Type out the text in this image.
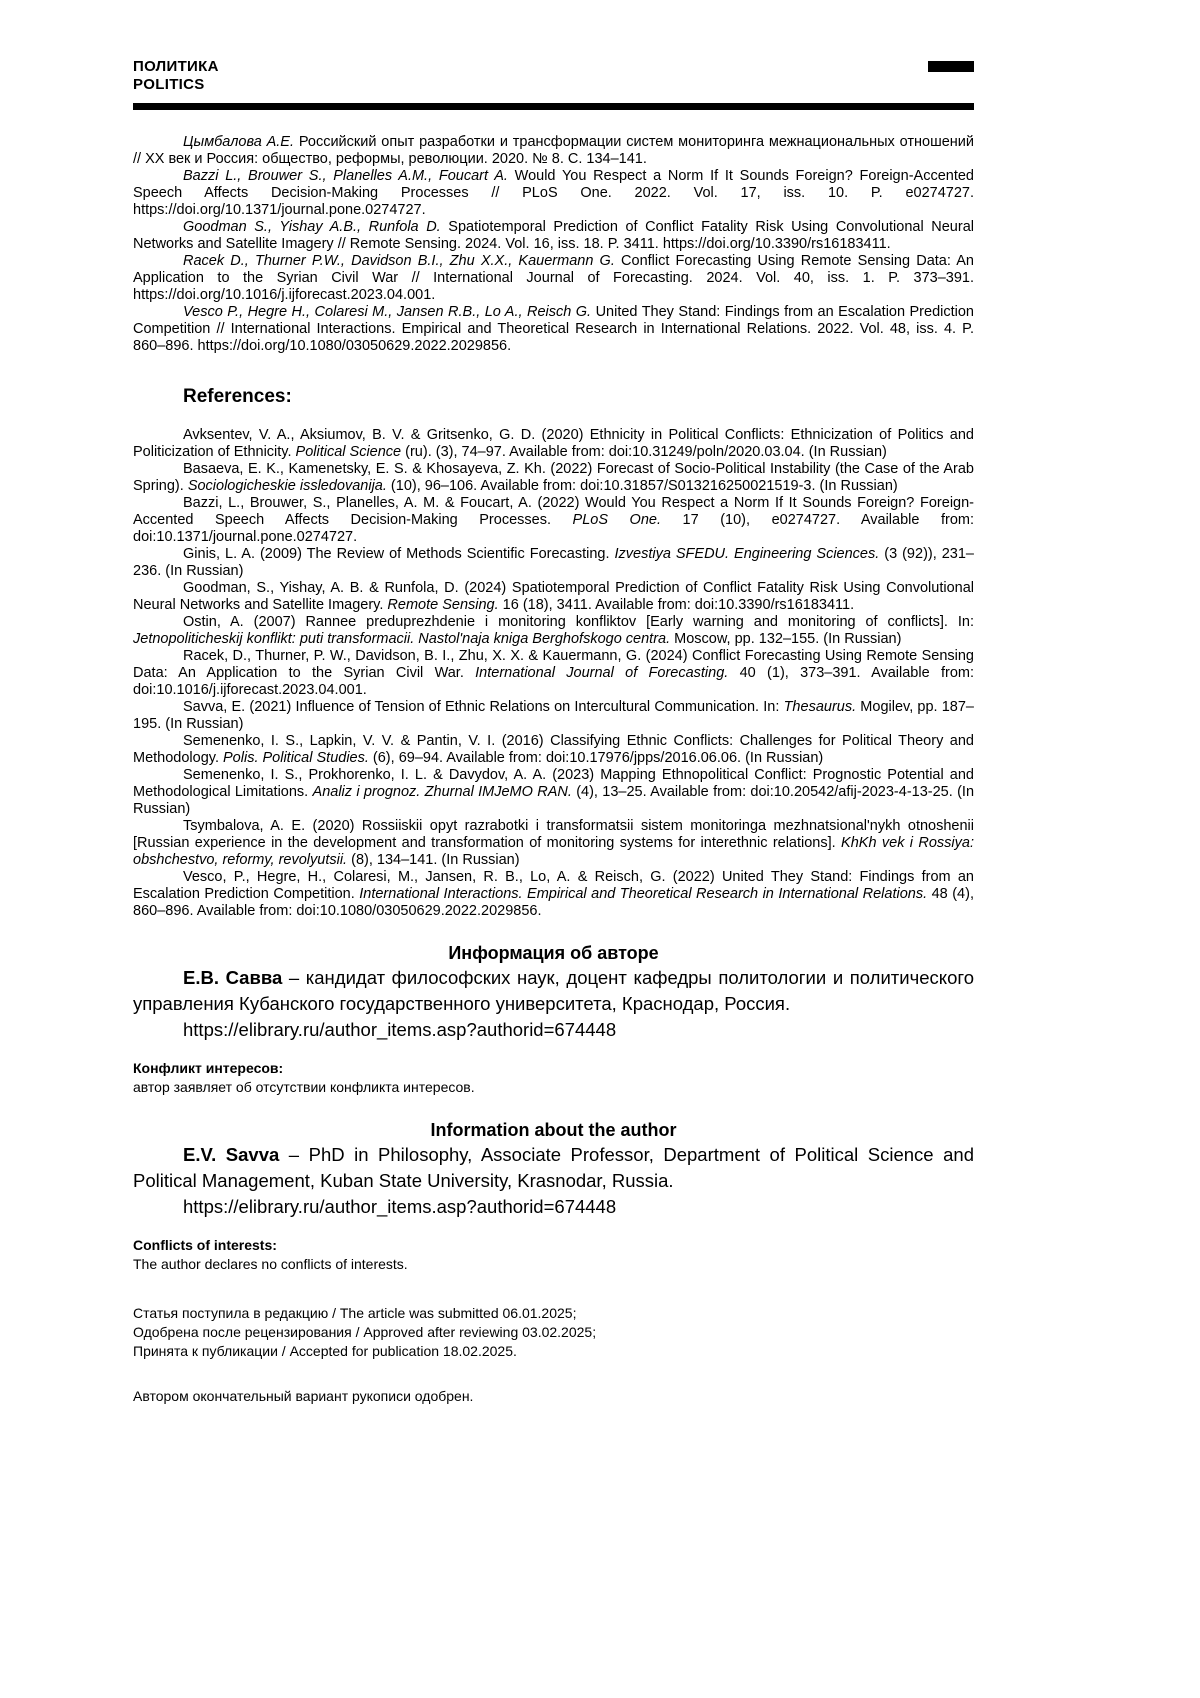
ПОЛИТИКА
POLITICS

Цымбалова А.Е. Российский опыт разработки и трансформации систем мониторинга межнациональных отношений // XX век и Россия: общество, реформы, революции. 2020. № 8. С. 134–141.

Bazzi L., Brouwer S., Planelles A.M., Foucart A. Would You Respect a Norm If It Sounds Foreign? Foreign-Accented Speech Affects Decision-Making Processes // PLoS One. 2022. Vol. 17, iss. 10. P. e0274727. https://doi.org/10.1371/journal.pone.0274727.

Goodman S., Yishay A.B., Runfola D. Spatiotemporal Prediction of Conflict Fatality Risk Using Convolutional Neural Networks and Satellite Imagery // Remote Sensing. 2024. Vol. 16, iss. 18. P. 3411. https://doi.org/10.3390/rs16183411.

Racek D., Thurner P.W., Davidson B.I., Zhu X.X., Kauermann G. Conflict Forecasting Using Remote Sensing Data: An Application to the Syrian Civil War // International Journal of Forecasting. 2024. Vol. 40, iss. 1. P. 373–391. https://doi.org/10.1016/j.ijforecast.2023.04.001.

Vesco P., Hegre H., Colaresi M., Jansen R.B., Lo A., Reisch G. United They Stand: Findings from an Escalation Prediction Competition // International Interactions. Empirical and Theoretical Research in International Relations. 2022. Vol. 48, iss. 4. P. 860–896. https://doi.org/10.1080/03050629.2022.2029856.

References:

Avksentev, V. A., Aksiumov, B. V. & Gritsenko, G. D. (2020) Ethnicity in Political Conflicts: Ethnicization of Politics and Politicization of Ethnicity. Political Science (ru). (3), 74–97. Available from: doi:10.31249/poln/2020.03.04. (In Russian)

Basaeva, E. K., Kamenetsky, E. S. & Khosayeva, Z. Kh. (2022) Forecast of Socio-Political Instability (the Case of the Arab Spring). Sociologicheskie issledovanija. (10), 96–106. Available from: doi:10.31857/S013216250021519-3. (In Russian)

Bazzi, L., Brouwer, S., Planelles, A. M. & Foucart, A. (2022) Would You Respect a Norm If It Sounds Foreign? Foreign-Accented Speech Affects Decision-Making Processes. PLoS One. 17 (10), e0274727. Available from: doi:10.1371/journal.pone.0274727.

Ginis, L. A. (2009) The Review of Methods Scientific Forecasting. Izvestiya SFEDU. Engineering Sciences. (3 (92)), 231–236. (In Russian)

Goodman, S., Yishay, A. B. & Runfola, D. (2024) Spatiotemporal Prediction of Conflict Fatality Risk Using Convolutional Neural Networks and Satellite Imagery. Remote Sensing. 16 (18), 3411. Available from: doi:10.3390/rs16183411.

Ostin, A. (2007) Rannee preduprezhdenie i monitoring konfliktov [Early warning and monitoring of conflicts]. In: Jetnopoliticheskij konflikt: puti transformacii. Nastol'naja kniga Berghofskogo centra. Moscow, pp. 132–155. (In Russian)

Racek, D., Thurner, P. W., Davidson, B. I., Zhu, X. X. & Kauermann, G. (2024) Conflict Forecasting Using Remote Sensing Data: An Application to the Syrian Civil War. International Journal of Forecasting. 40 (1), 373–391. Available from: doi:10.1016/j.ijforecast.2023.04.001.

Savva, E. (2021) Influence of Tension of Ethnic Relations on Intercultural Communication. In: Thesaurus. Mogilev, pp. 187–195. (In Russian)

Semenenko, I. S., Lapkin, V. V. & Pantin, V. I. (2016) Classifying Ethnic Conflicts: Challenges for Political Theory and Methodology. Polis. Political Studies. (6), 69–94. Available from: doi:10.17976/jpps/2016.06.06. (In Russian)

Semenenko, I. S., Prokhorenko, I. L. & Davydov, A. A. (2023) Mapping Ethnopolitical Conflict: Prognostic Potential and Methodological Limitations. Analiz i prognoz. Zhurnal IMJeMO RAN. (4), 13–25. Available from: doi:10.20542/afij-2023-4-13-25. (In Russian)

Tsymbalova, A. E. (2020) Rossiiskii opyt razrabotki i transformatsii sistem monitoringa mezhnatsional'nykh otnoshenii [Russian experience in the development and transformation of monitoring systems for interethnic relations]. KhKh vek i Rossiya: obshchestvo, reformy, revolyutsii. (8), 134–141. (In Russian)

Vesco, P., Hegre, H., Colaresi, M., Jansen, R. B., Lo, A. & Reisch, G. (2022) United They Stand: Findings from an Escalation Prediction Competition. International Interactions. Empirical and Theoretical Research in International Relations. 48 (4), 860–896. Available from: doi:10.1080/03050629.2022.2029856.

Информация об авторе

Е.В. Савва – кандидат философских наук, доцент кафедры политологии и политического управления Кубанского государственного университета, Краснодар, Россия.

https://elibrary.ru/author_items.asp?authorid=674448

Конфликт интересов:

автор заявляет об отсутствии конфликта интересов.

Information about the author

E.V. Savva – PhD in Philosophy, Associate Professor, Department of Political Science and Political Management, Kuban State University, Krasnodar, Russia.

https://elibrary.ru/author_items.asp?authorid=674448

Conflicts of interests:

The author declares no conflicts of interests.

Статья поступила в редакцию / The article was submitted 06.01.2025;

Одобрена после рецензирования / Approved after reviewing 03.02.2025;

Принята к публикации / Accepted for publication 18.02.2025.

Автором окончательный вариант рукописи одобрен.
